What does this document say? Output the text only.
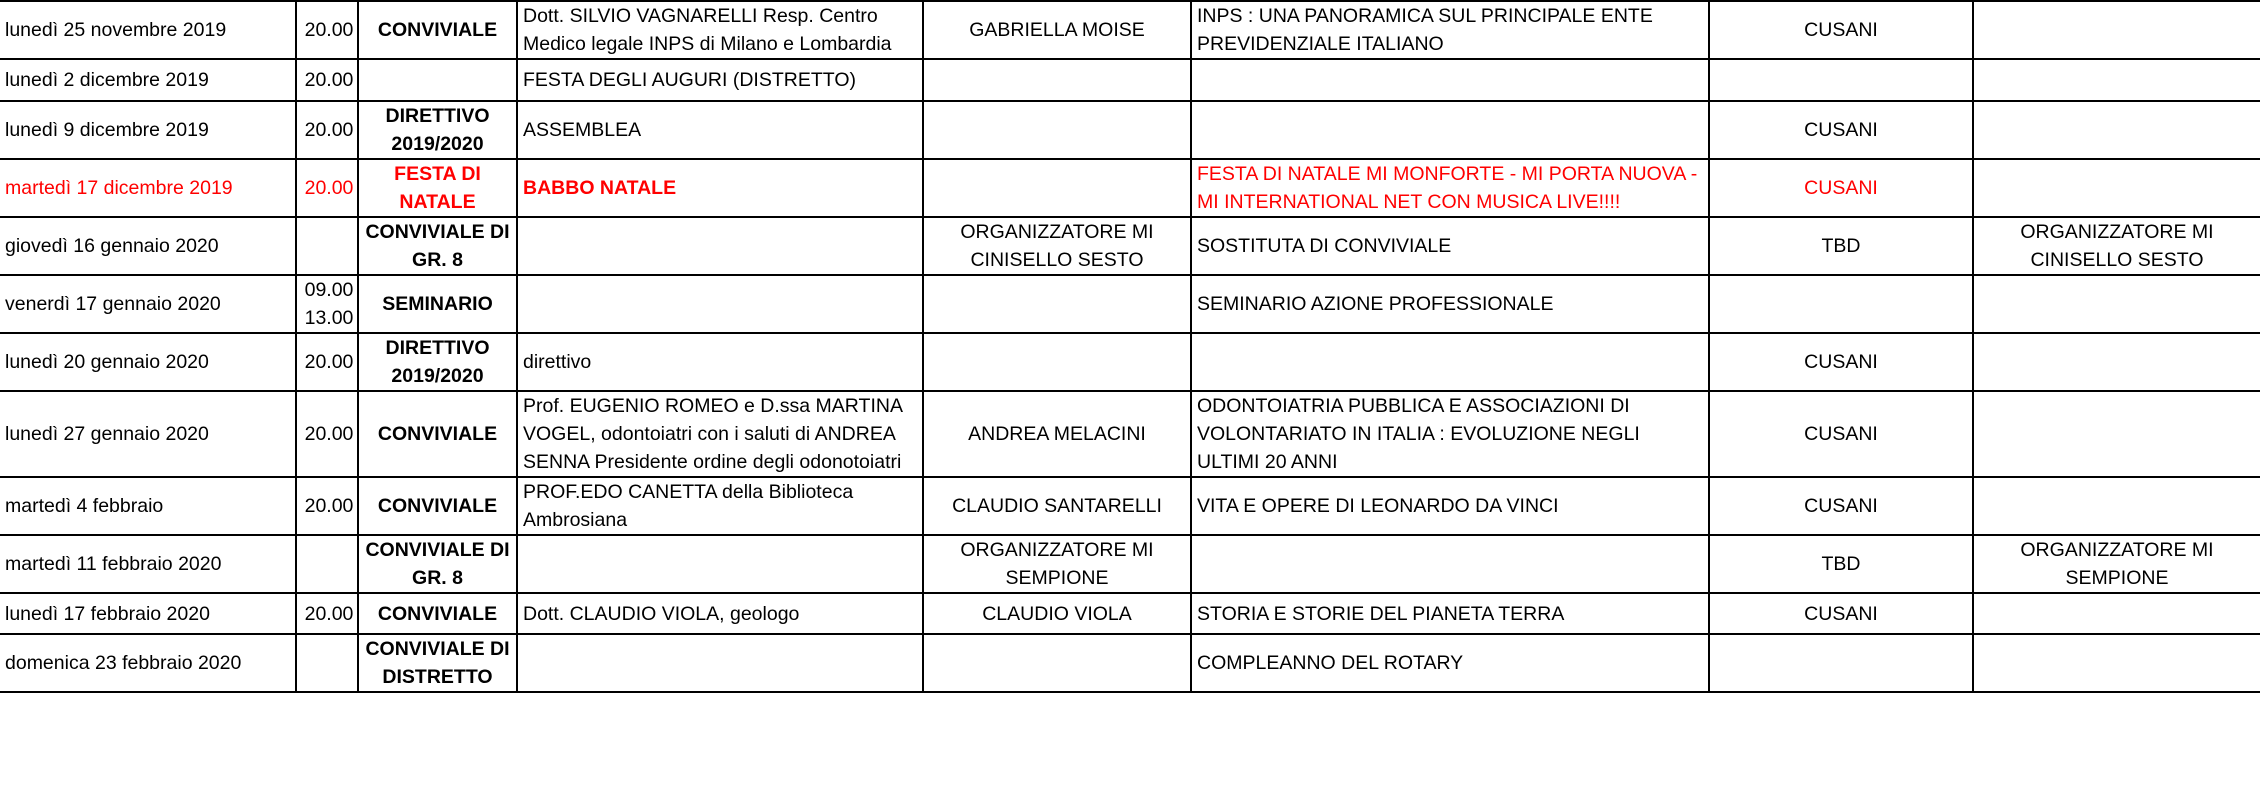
lunedì 25 novembre 2019	20.00	CONVIVIALE	Dott. SILVIO VAGNARELLI Resp. Centro Medico legale INPS di Milano e Lombardia	GABRIELLA MOISE	INPS : UNA PANORAMICA SUL PRINCIPALE ENTE PREVIDENZIALE ITALIANO	CUSANI	
lunedì 2 dicembre 2019	20.00		FESTA DEGLI AUGURI (DISTRETTO)				
lunedì 9 dicembre 2019	20.00	DIRETTIVO 2019/2020	ASSEMBLEA			CUSANI	
martedì 17 dicembre 2019	20.00	FESTA DI NATALE	BABBO NATALE		FESTA DI NATALE MI MONFORTE - MI PORTA NUOVA - MI INTERNATIONAL NET CON MUSICA LIVE!!!!	CUSANI	
giovedì 16 gennaio 2020		CONVIVIALE DI GR. 8		ORGANIZZATORE MI CINISELLO SESTO	SOSTITUTA DI CONVIVIALE	TBD	ORGANIZZATORE MI CINISELLO SESTO
venerdì 17 gennaio 2020	09.00 13.00	SEMINARIO			SEMINARIO AZIONE PROFESSIONALE		
lunedì 20 gennaio 2020	20.00	DIRETTIVO 2019/2020	direttivo			CUSANI	
lunedì 27 gennaio 2020	20.00	CONVIVIALE	Prof. EUGENIO ROMEO e D.ssa MARTINA VOGEL, odontoiatri con i saluti di ANDREA SENNA Presidente ordine degli odonotoiatri	ANDREA MELACINI	ODONTOIATRIA PUBBLICA E ASSOCIAZIONI DI VOLONTARIATO IN ITALIA : EVOLUZIONE NEGLI ULTIMI 20 ANNI	CUSANI	
martedì 4 febbraio	20.00	CONVIVIALE	PROF.EDO CANETTA della Biblioteca Ambrosiana	CLAUDIO SANTARELLI	VITA E OPERE DI LEONARDO DA VINCI	CUSANI	
martedì 11 febbraio 2020		CONVIVIALE DI GR. 8		ORGANIZZATORE MI SEMPIONE		TBD	ORGANIZZATORE MI SEMPIONE
lunedì 17 febbraio 2020	20.00	CONVIVIALE	Dott. CLAUDIO VIOLA, geologo	CLAUDIO VIOLA	STORIA E STORIE DEL PIANETA TERRA	CUSANI	
domenica 23 febbraio 2020		CONVIVIALE DI DISTRETTO			COMPLEANNO DEL ROTARY		
